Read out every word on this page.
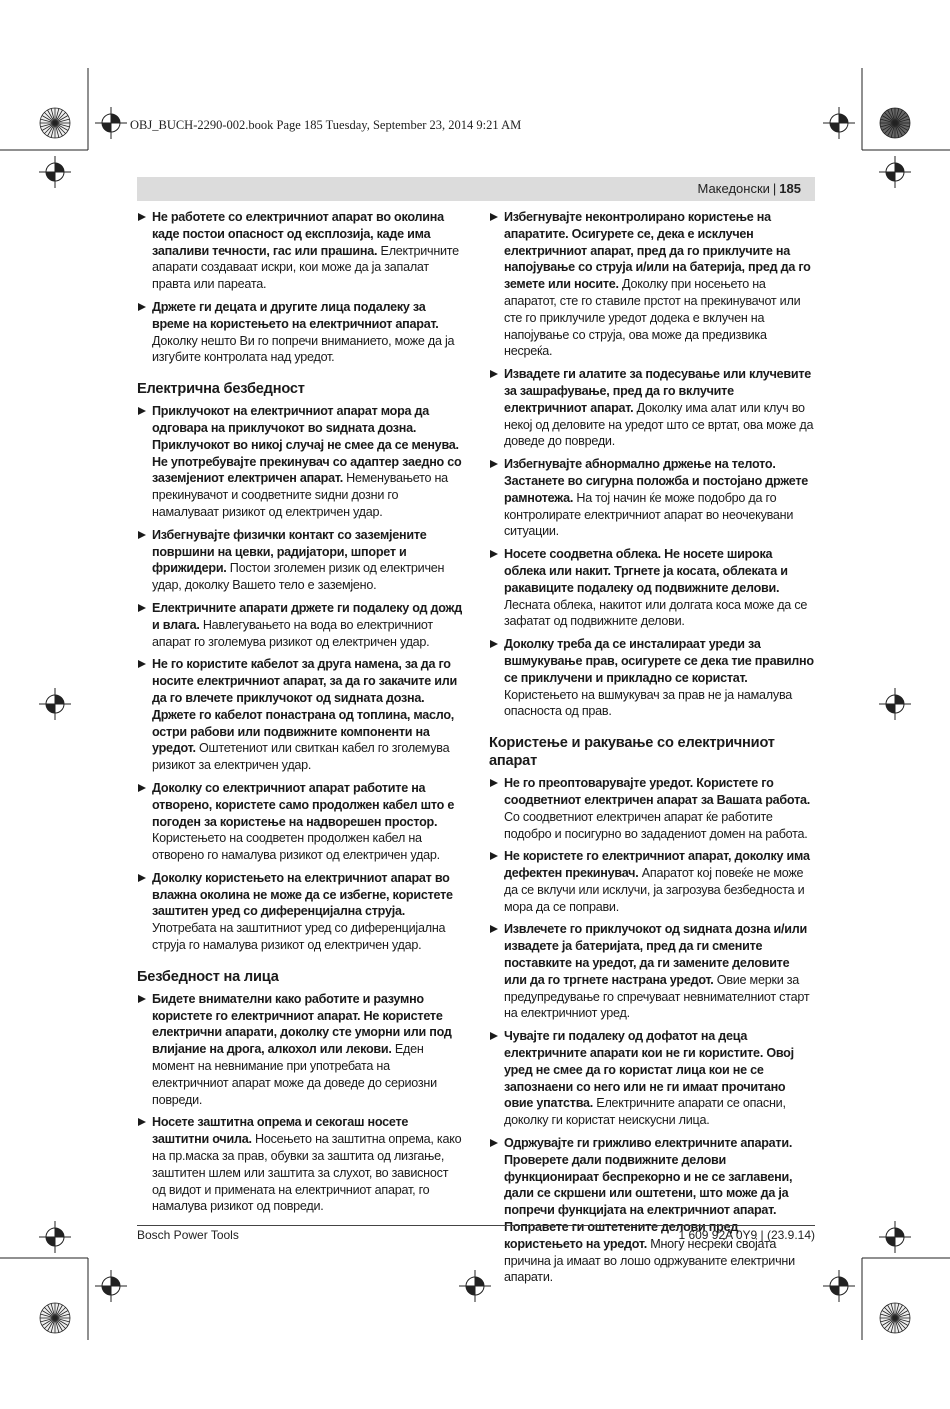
OBJ_BUCH-2290-002.book Page 185 Tuesday, September 23, 2014 9:21 AM
Македонски | 185
Не работете со електричниот апарат во околина каде постои опасност од експлозија, каде има запаливи течности, гас или прашина. Електричните апарати создаваат искри, кои може да ја запалат правта или пареата.
Држете ги децата и другите лица подалеку за време на користењето на електричниот апарат. Доколку нешто Ви го попречи вниманието, може да ја изгубите контролата над уредот.
Електрична безбедност
Приклучокот на електричниот апарат мора да одговара на приклучокот во ѕидната дозна. Приклучокот во никој случај не смее да се менува. Не употребувајте прекинувач со адаптер заедно со заземјениот електричен апарат. Неменувањето на прекинувачот и соодветните ѕидни дозни го намалуваат ризикот од електричен удар.
Избегнувајте физички контакт со заземјените површини на цевки, радијатори, шпорет и фрижидери. Постои зголемен ризик од електричен удар, доколку Вашето тело е заземјено.
Електричните апарати држете ги подалеку од дожд и влага. Навлегувањето на вода во електричниот апарат го зголемува ризикот од електричен удар.
Не го користите кабелот за друга намена, за да го носите електричниот апарат, за да го закачите или да го влечете приклучокот од ѕидната дозна. Држете го кабелот понастрана од топлина, масло, остри рабови или подвижните компоненти на уредот. Оштетениот или свиткан кабел го зголемува ризикот за електричен удар.
Доколку со електричниот апарат работите на отворено, користете само продолжен кабел што е погоден за користење на надворешен простор. Користењето на соодветен продолжен кабел на отворено го намалува ризикот од електричен удар.
Доколку користењето на електричниот апарат во влажна околина не може да се избегне, користете заштитен уред со диференцијална струја. Употребата на заштитниот уред со диференцијална струја го намалува ризикот од електричен удар.
Безбедност на лица
Бидете внимателни како работите и разумно користете го електричниот апарат. Не користете електрични апарати, доколку сте уморни или под влијание на дрога, алкохол или лекови. Еден момент на невнимание при употребата на електричниот апарат може да доведе до сериозни повреди.
Носете заштитна опрема и секогаш носете заштитни очила. Носењето на заштитна опрема, како на пр.маска за прав, обувки за заштита од лизгање, заштитен шлем или заштита за слухот, во зависност од видот и примената на електричниот апарат, го намалува ризикот од повреди.
Избегнувајте неконтролирано користење на апаратите. Осигурете се, дека е исклучен електричниот апарат, пред да го приклучите на напојување со струја и/или на батерија, пред да го земете или носите. Доколку при носењето на апаратот, сте го ставиле прстот на прекинувачот или сте го приклучиле уредот додека е вклучен на напојување со струја, ова може да предизвика несреќа.
Извадете ги алатите за подесување или клучевите за зашрафување, пред да го вклучите електричниот апарат. Доколку има алат или клуч во некој од деловите на уредот што се вртат, ова може да доведе до повреди.
Избегнувајте абнормално држење на телото. Застанете во сигурна положба и постојано држете рамнотежа. На тој начин ќе може подобро да го контролирате електричниот апарат во неочекувани ситуации.
Носете соодветна облека. Не носете широка облека или накит. Тргнете ја косата, облеката и ракавиците подалеку од подвижните делови. Лесната облека, накитот или долгата коса може да се зафатат од подвижните делови.
Доколку треба да се инсталираат уреди за вшмукување прав, осигурете се дека тие правилно се приклучени и прикладно се користат. Користењето на вшмукувач за прав не ја намалува опасноста од прав.
Користење и ракување со електричниот апарат
Не го преоптоварувајте уредот. Користете го соодветниот електричен апарат за Вашата работа. Со соодветниот електричен апарат ќе работите подобро и посигурно во зададениот домен на работа.
Не користете го електричниот апарат, доколку има дефектен прекинувач. Апаратот кој повеќе не може да се вклучи или исклучи, ја загрозува безбедноста и мора да се поправи.
Извлечете го приклучокот од ѕидната дозна и/или извадете ја батеријата, пред да ги смените поставките на уредот, да ги замените деловите или да го тргнете настрана уредот. Овие мерки за предупредување го спречуваат невнимателниот старт на електричниот уред.
Чувајте ги подалеку од дофатот на деца електричните апарати кои не ги користите. Овој уред не смее да го користат лица кои не се запознаени со него или не ги имаат прочитано овие упатства. Електричните апарати се опасни, доколку ги користат неискусни лица.
Одржувајте ги грижливо електричните апарати. Проверете дали подвижните делови функционираат беспрекорно и не се заглавени, дали се скршени или оштетени, што може да ја попречи функцијата на електричниот апарат. Поправете ги оштетените делови пред користењето на уредот. Многу несреќи својата причина ја имаат во лошо одржуваните електрични апарати.
Bosch Power Tools	1 609 92A 0Y9 | (23.9.14)
